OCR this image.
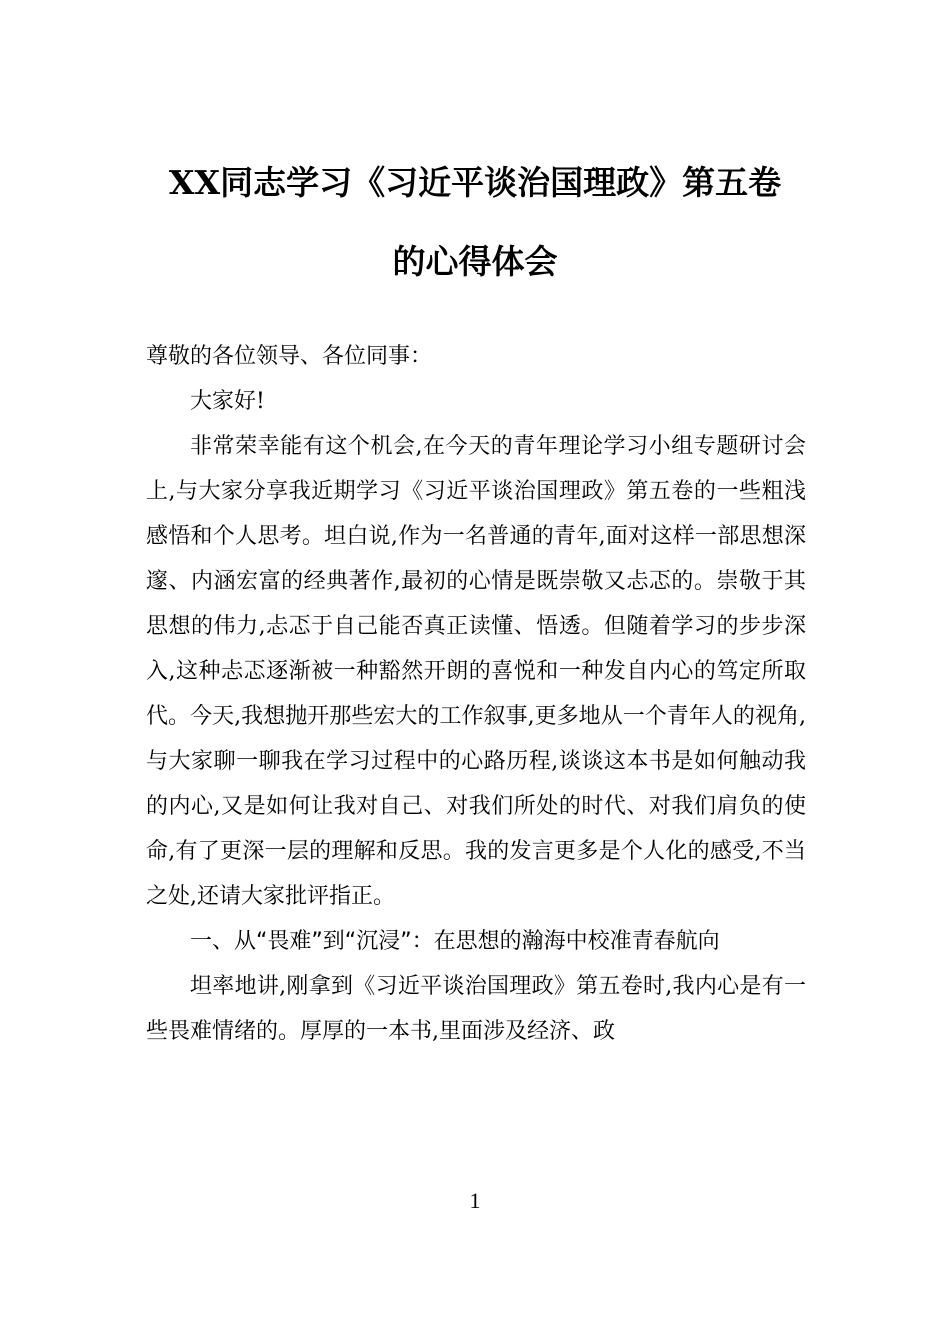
XX同志学习《习近平谈治国理政》第五卷
的心得体会

尊敬的各位领导、各位同事：

大家好!

非常荣幸能有这个机会,在今天的青年理论学习小组专题研讨会上,与大家分享我近期学习《习近平谈治国理政》第五卷的一些粗浅感悟和个人思考。坦白说,作为一名普通的青年,面对这样一部思想深邃、内涵宏富的经典著作,最初的心情是既崇敬又忐忑的。崇敬于其思想的伟力,忐忑于自己能否真正读懂、悟透。但随着学习的步步深入,这种忐忑逐渐被一种豁然开朗的喜悦和一种发自内心的笃定所取代。今天,我想抛开那些宏大的工作叙事,更多地从一个青年人的视角,与大家聊一聊我在学习过程中的心路历程,谈谈这本书是如何触动我的内心,又是如何让我对自己、对我们所处的时代、对我们肩负的使命,有了更深一层的理解和反思。我的发言更多是个人化的感受,不当之处,还请大家批评指正。

一、从“畏难”到“沉浸”：在思想的瀚海中校准青春航向

坦率地讲,刚拿到《习近平谈治国理政》第五卷时,我内心是有一些畏难情绪的。厚厚的一本书,里面涉及经济、政

1
